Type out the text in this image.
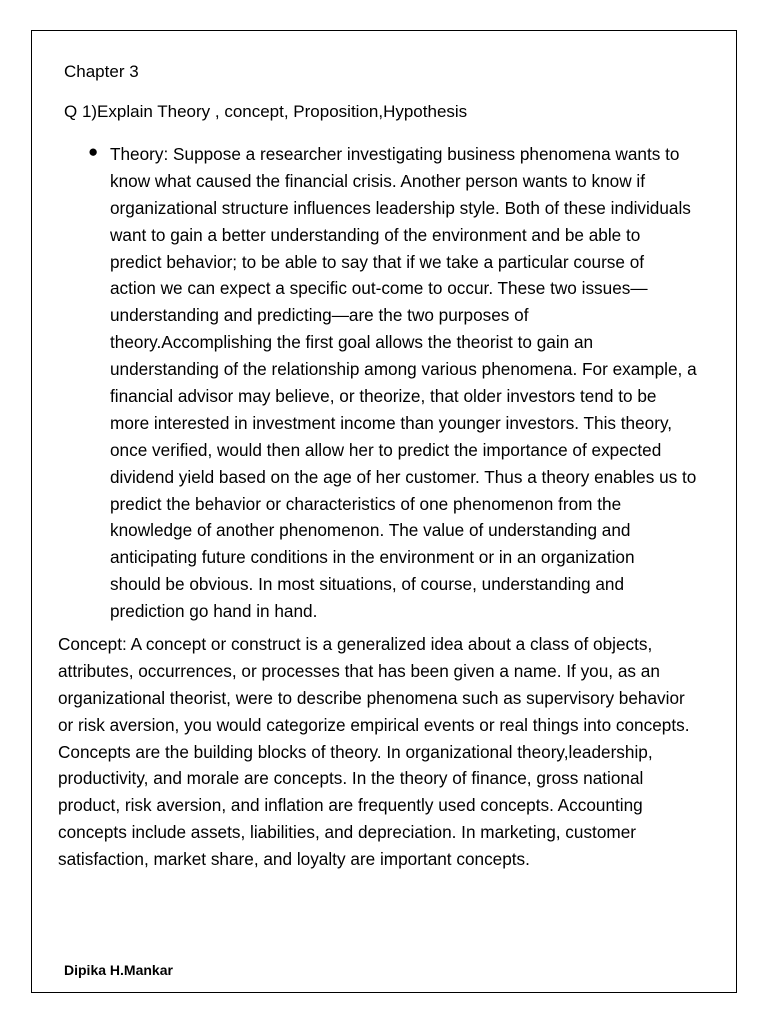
Chapter 3

Q 1)Explain Theory , concept, Proposition,Hypothesis

● Theory: Suppose a researcher investigating business phenomena wants to
know what caused the financial crisis. Another person wants to know if
organizational structure influences leadership style. Both of these individuals
want to gain a better understanding of the environment and be able to
predict behavior; to be able to say that if we take a particular course of
action we can expect a specific out-come to occur. These two issues—
understanding and predicting—are the two purposes of
theory.Accomplishing the first goal allows the theorist to gain an
understanding of the relationship among various phenomena. For example, a
financial advisor may believe, or theorize, that older investors tend to be
more interested in investment income than younger investors. This theory,
once verified, would then allow her to predict the importance of expected
dividend yield based on the age of her customer. Thus a theory enables us to
predict the behavior or characteristics of one phenomenon from the
knowledge of another phenomenon. The value of understanding and
anticipating future conditions in the environment or in an organization
should be obvious. In most situations, of course, understanding and
prediction go hand in hand.
Concept: A concept or construct is a generalized idea about a class of objects,
attributes, occurrences, or processes that has been given a name. If you, as an
organizational theorist, were to describe phenomena such as supervisory behavior
or risk aversion, you would categorize empirical events or real things into concepts.
Concepts are the building blocks of theory. In organizational theory,leadership,
productivity, and morale are concepts. In the theory of finance, gross national
product, risk aversion, and inflation are frequently used concepts. Accounting
concepts include assets, liabilities, and depreciation. In marketing, customer
satisfaction, market share, and loyalty are important concepts.

Dipika H.Mankar
